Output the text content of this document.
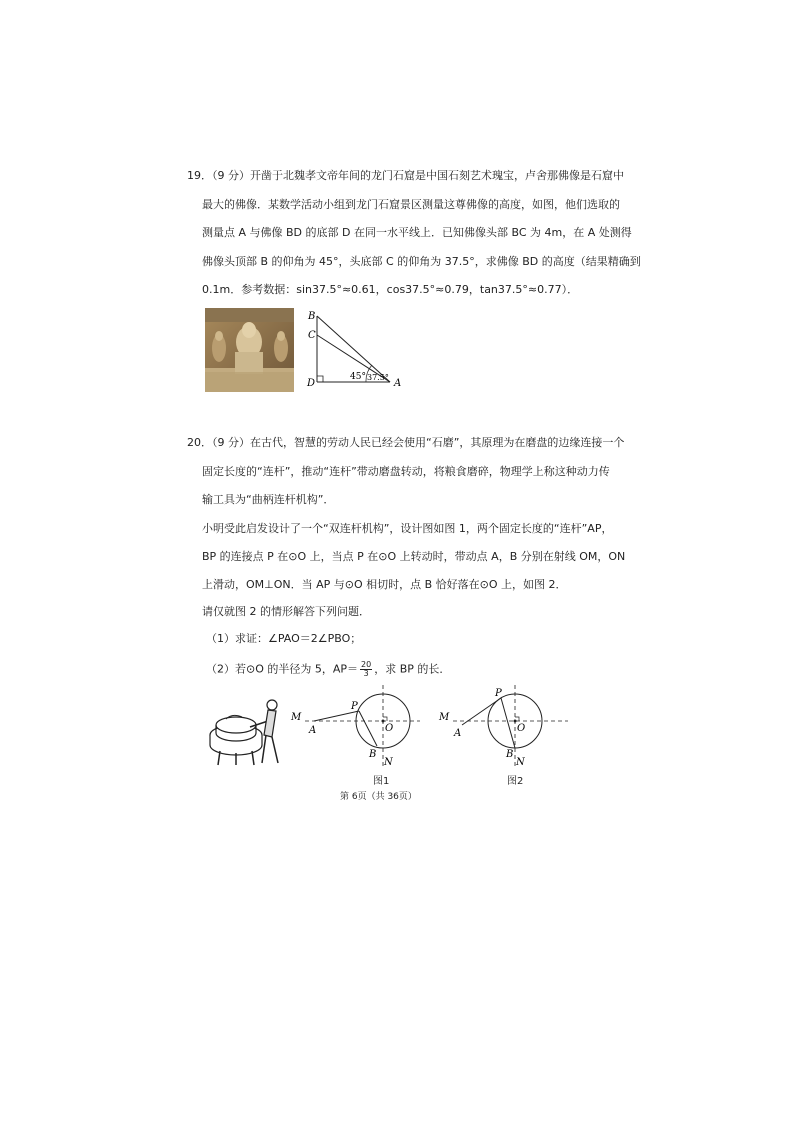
19．（9 分）开凿于北魏孝文帝年间的龙门石窟是中国石刻艺术瑰宝，卢舍那佛像是石窟中
最大的佛像．某数学活动小组到龙门石窟景区测量这尊佛像的高度，如图，他们选取的
测量点 A 与佛像 BD 的底部 D 在同一水平线上．已知佛像头部 BC 为 4m，在 A 处测得
佛像头顶部 B 的仰角为 45°，头底部 C 的仰角为 37.5°，求佛像 BD 的高度（结果精确到
0.1m．参考数据：sin37.5°≈0.61，cos37.5°≈0.79，tan37.5°≈0.77）．
B
C
D	A
45° 37.5°
20．（9 分）在古代，智慧的劳动人民已经会使用“石磨”，其原理为在磨盘的边缘连接一个
固定长度的“连杆”，推动“连杆”带动磨盘转动，将粮食磨碎，物理学上称这种动力传
输工具为“曲柄连杆机构”．
小明受此启发设计了一个“双连杆机构”，设计图如图 1，两个固定长度的“连杆”AP，
BP 的连接点 P 在⊙O 上，当点 P 在⊙O 上转动时，带动点 A，B 分别在射线 OM，ON
上滑动，OM⊥ON．当 AP 与⊙O 相切时，点 B 恰好落在⊙O 上，如图 2．
请仅就图 2 的情形解答下列问题．
（1）求证：∠PAO＝2∠PBO；
（2）若⊙O 的半径为 5，$AP= \frac{20}{3}$ ，求 BP 的长．
M
P
A	O
B
N
图1
M
P
A	O
B
N
图2
第 6页（共 36页）
